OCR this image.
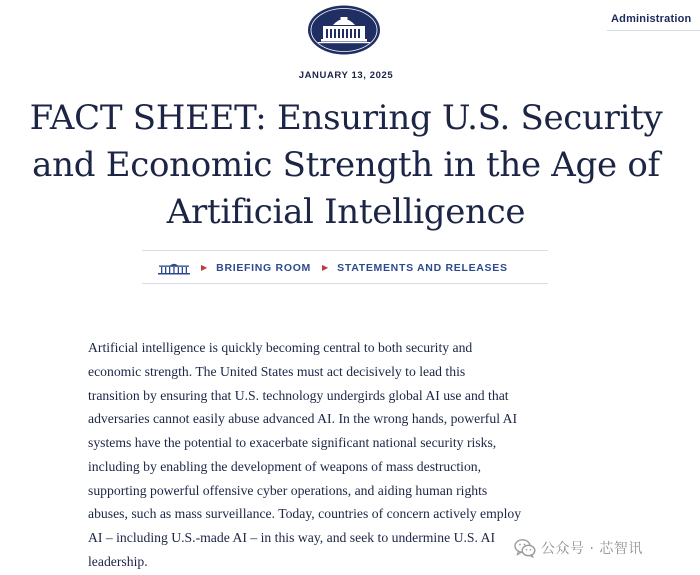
Administration
JANUARY 13, 2025
FACT SHEET: Ensuring U.S. Security
and Economic Strength in the Age of
Artificial Intelligence
▶ BRIEFING ROOM ▶ STATEMENTS AND RELEASES

Artificial intelligence is quickly becoming central to both security and
economic strength. The United States must act decisively to lead this
transition by ensuring that U.S. technology undergirds global AI use and that
adversaries cannot easily abuse advanced AI. In the wrong hands, powerful AI
systems have the potential to exacerbate significant national security risks,
including by enabling the development of weapons of mass destruction,
supporting powerful offensive cyber operations, and aiding human rights
abuses, such as mass surveillance. Today, countries of concern actively employ
AI – including U.S.-made AI – in this way, and seek to undermine U.S. AI
leadership.

公众号 · 芯智讯
